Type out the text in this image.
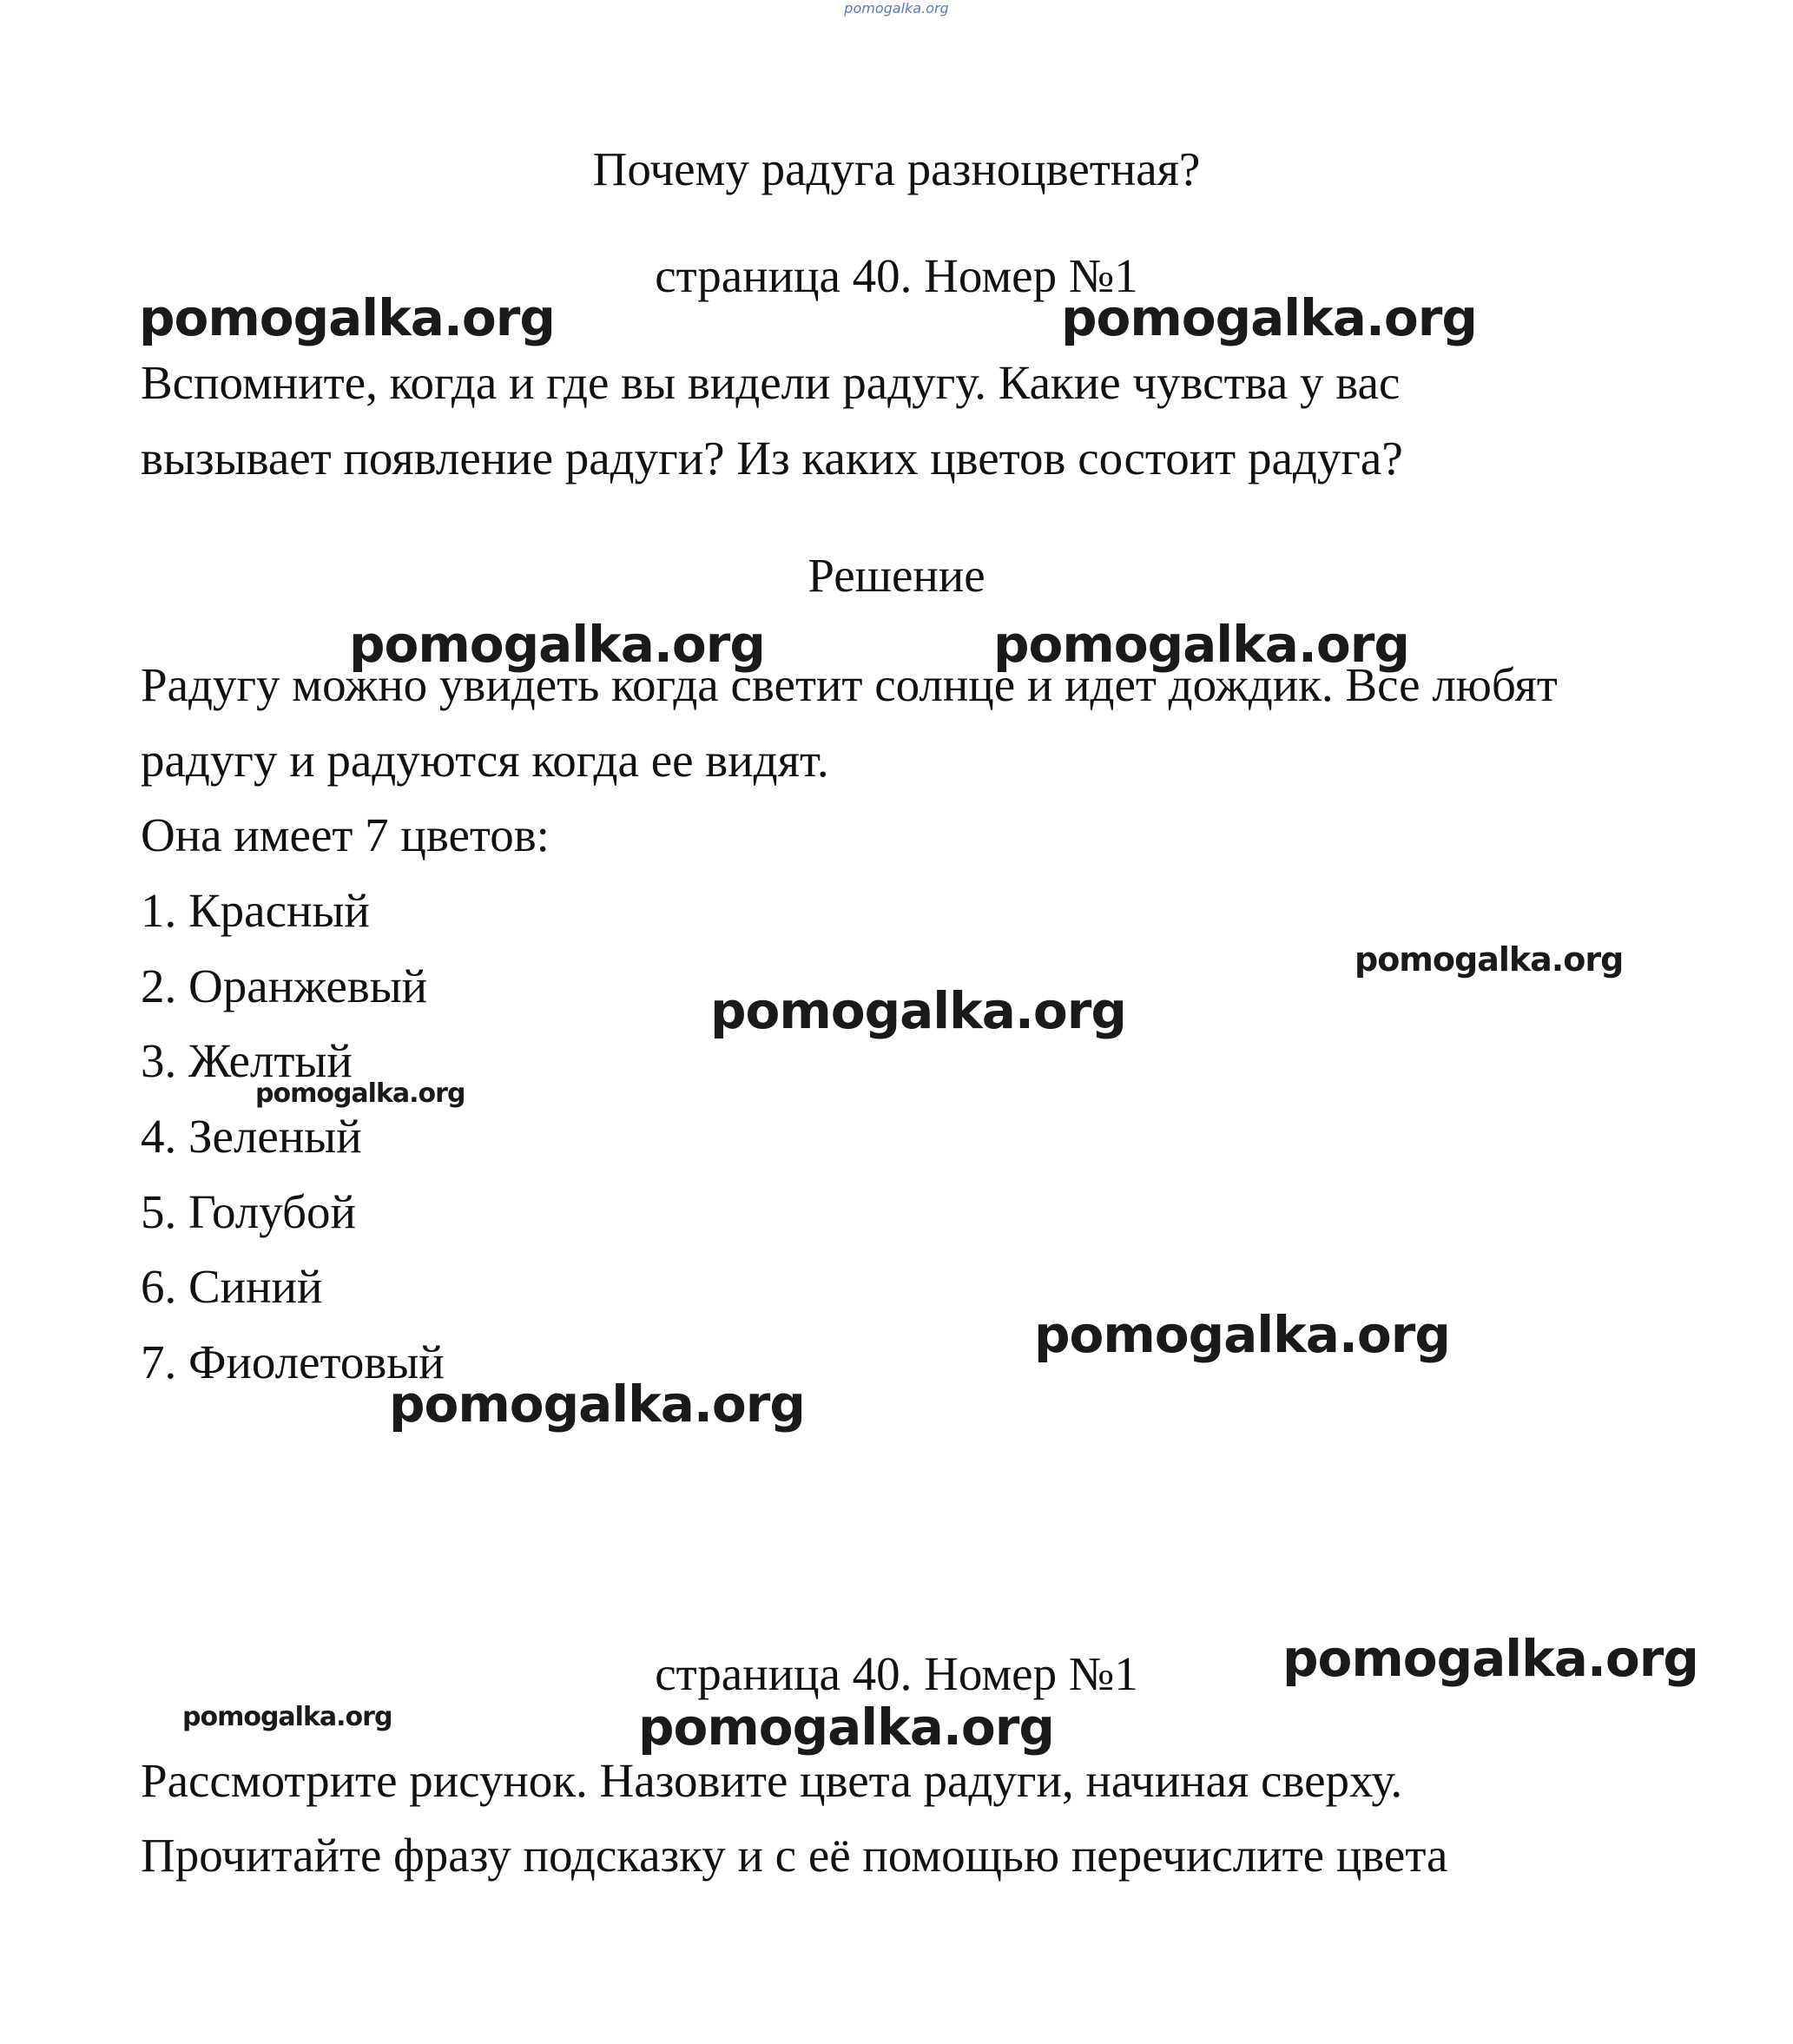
pomogalka.org
Почему радуга разноцветная?
страница 40. Номер №1
Вспомните, когда и где вы видели радугу. Какие чувства у вас
вызывает появление радуги? Из каких цветов состоит радуга?
Решение
Радугу можно увидеть когда светит солнце и идет дождик. Все любят
радугу и радуются когда ее видят.
Она имеет 7 цветов:
1. Красный
2. Оранжевый
3. Желтый
4. Зеленый
5. Голубой
6. Синий
7. Фиолетовый
страница 40. Номер №1
Рассмотрите рисунок. Назовите цвета радуги, начиная сверху.
Прочитайте фразу подсказку и с её помощью перечислите цвета
pomogalka.org	pomogalka.org
pomogalka.org	pomogalka.org
pomogalka.org
pomogalka.org
pomogalka.org
pomogalka.org
pomogalka.org
pomogalka.org
pomogalka.org	pomogalka.org
